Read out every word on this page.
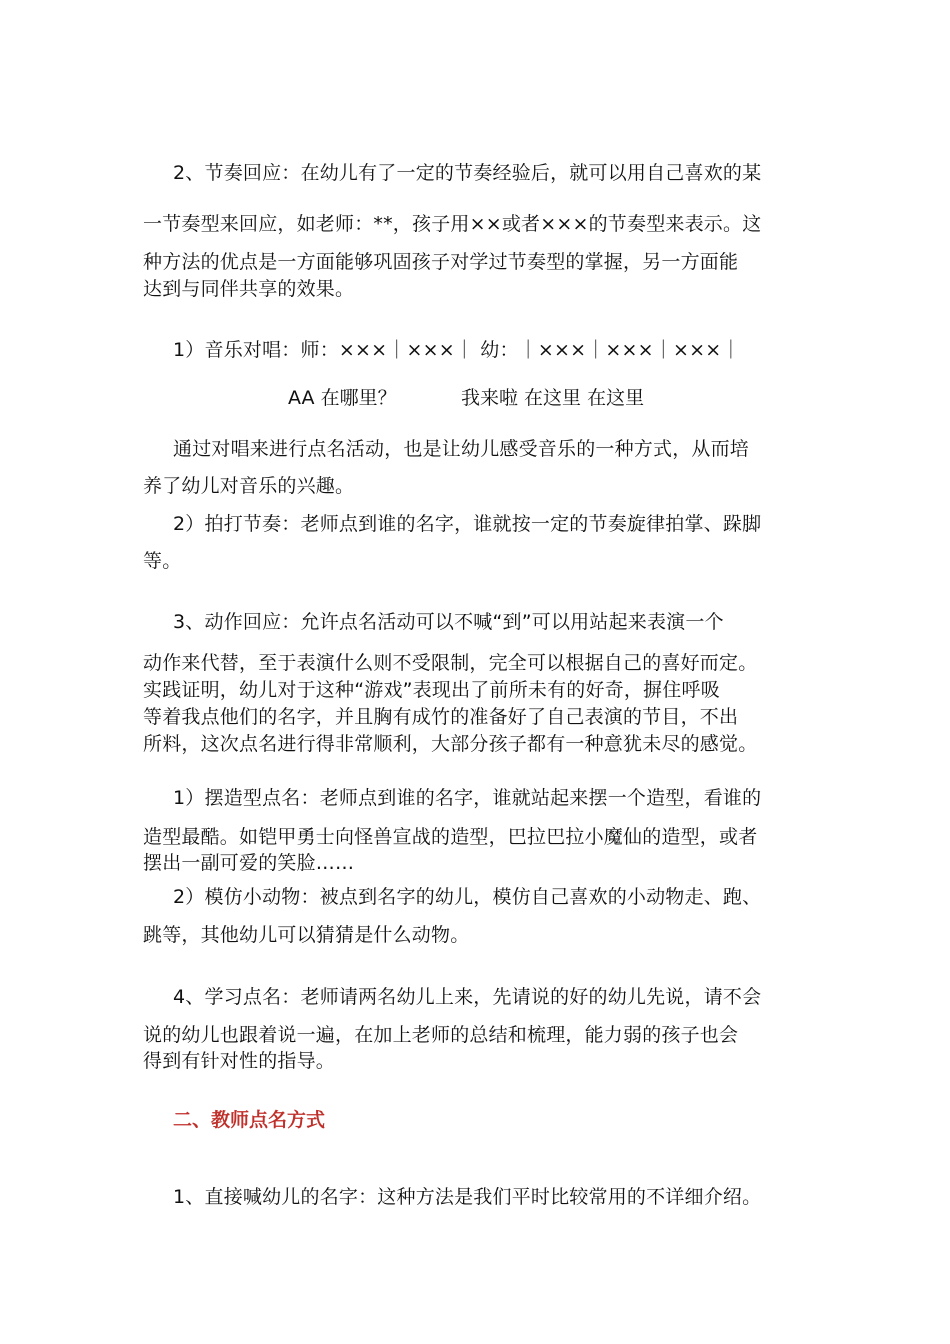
2、节奏回应：在幼儿有了一定的节奏经验后，就可以用自己喜欢的某
一节奏型来回应，如老师：**，孩子用××或者×××的节奏型来表示。这
种方法的优点是一方面能够巩固孩子对学过节奏型的掌握，另一方面能
达到与同伴共享的效果。
1）音乐对唱：师：×××｜×××｜ 幼：｜×××｜×××｜×××｜
AA 在哪里？	我来啦 在这里 在这里
通过对唱来进行点名活动，也是让幼儿感受音乐的一种方式，从而培
养了幼儿对音乐的兴趣。
2）拍打节奏：老师点到谁的名字，谁就按一定的节奏旋律拍掌、跺脚
等。
3、动作回应：允许点名活动可以不喊“到”可以用站起来表演一个
动作来代替，至于表演什么则不受限制，完全可以根据自己的喜好而定。
实践证明，幼儿对于这种“游戏”表现出了前所未有的好奇，摒住呼吸
等着我点他们的名字，并且胸有成竹的准备好了自己表演的节目，不出
所料，这次点名进行得非常顺利，大部分孩子都有一种意犹未尽的感觉。
1）摆造型点名：老师点到谁的名字，谁就站起来摆一个造型，看谁的
造型最酷。如铠甲勇士向怪兽宣战的造型，巴拉巴拉小魔仙的造型，或者
摆出一副可爱的笑脸……
2）模仿小动物：被点到名字的幼儿，模仿自己喜欢的小动物走、跑、
跳等，其他幼儿可以猜猜是什么动物。
4、学习点名：老师请两名幼儿上来，先请说的好的幼儿先说，请不会
说的幼儿也跟着说一遍，在加上老师的总结和梳理，能力弱的孩子也会
得到有针对性的指导。
二、教师点名方式
1、直接喊幼儿的名字：这种方法是我们平时比较常用的不详细介绍。
